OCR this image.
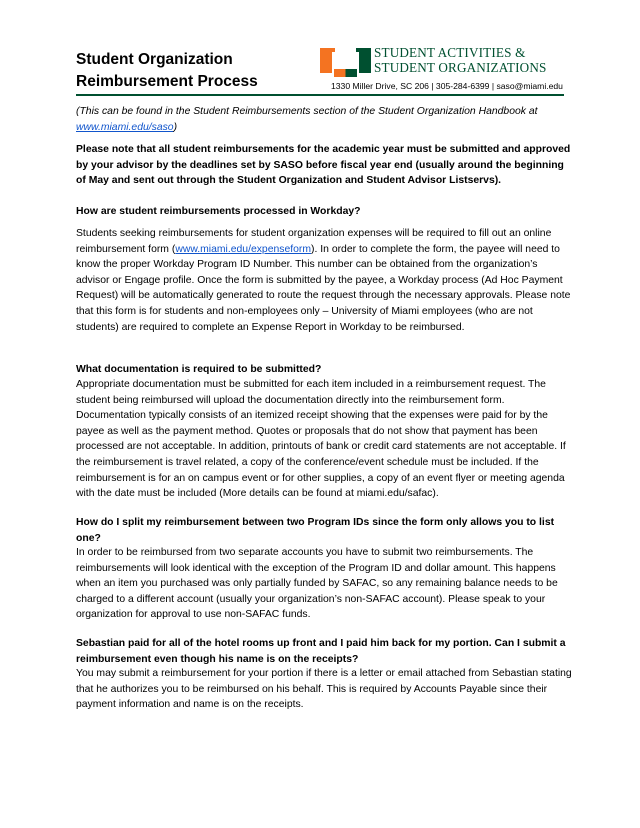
Student Organization
Reimbursement Process
STUDENT ACTIVITIES &
STUDENT ORGANIZATIONS
1330 Miller Drive, SC 206 | 305-284-6399 | saso@miami.edu

(This can be found in the Student Reimbursements section of the Student Organization Handbook at www.miami.edu/saso)

Please note that all student reimbursements for the academic year must be submitted and approved by your advisor by the deadlines set by SASO before fiscal year end (usually around the beginning of May and sent out through the Student Organization and Student Advisor Listservs).

How are student reimbursements processed in Workday?

Students seeking reimbursements for student organization expenses will be required to fill out an online reimbursement form (www.miami.edu/expenseform). In order to complete the form, the payee will need to know the proper Workday Program ID Number. This number can be obtained from the organization’s advisor or Engage profile. Once the form is submitted by the payee, a Workday process (Ad Hoc Payment Request) will be automatically generated to route the request through the necessary approvals. Please note that this form is for students and non-employees only – University of Miami employees (who are not students) are required to complete an Expense Report in Workday to be reimbursed.

What documentation is required to be submitted?

Appropriate documentation must be submitted for each item included in a reimbursement request. The student being reimbursed will upload the documentation directly into the reimbursement form. Documentation typically consists of an itemized receipt showing that the expenses were paid for by the payee as well as the payment method. Quotes or proposals that do not show that payment has been processed are not acceptable. In addition, printouts of bank or credit card statements are not acceptable. If the reimbursement is travel related, a copy of the conference/event schedule must be included. If the reimbursement is for an on campus event or for other supplies, a copy of an event flyer or meeting agenda with the date must be included (More details can be found at miami.edu/safac).

How do I split my reimbursement between two Program IDs since the form only allows you to list one?

In order to be reimbursed from two separate accounts you have to submit two reimbursements. The reimbursements will look identical with the exception of the Program ID and dollar amount. This happens when an item you purchased was only partially funded by SAFAC, so any remaining balance needs to be charged to a different account (usually your organization’s non-SAFAC account). Please speak to your organization for approval to use non-SAFAC funds.

Sebastian paid for all of the hotel rooms up front and I paid him back for my portion. Can I submit a reimbursement even though his name is on the receipts?

You may submit a reimbursement for your portion if there is a letter or email attached from Sebastian stating that he authorizes you to be reimbursed on his behalf. This is required by Accounts Payable since their payment information and name is on the receipts.
